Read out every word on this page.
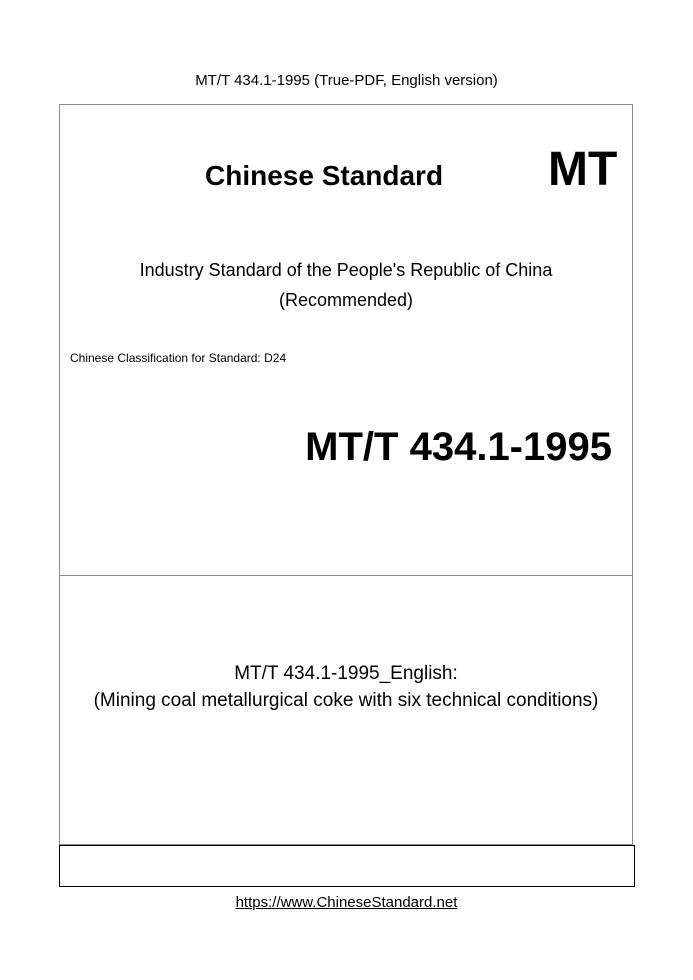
MT/T 434.1-1995 (True-PDF, English version)
Chinese Standard MT
Industry Standard of the People's Republic of China
(Recommended)
Chinese Classification for Standard: D24
MT/T 434.1-1995
MT/T 434.1-1995_English:
(Mining coal metallurgical coke with six technical conditions)
https://www.ChineseStandard.net
